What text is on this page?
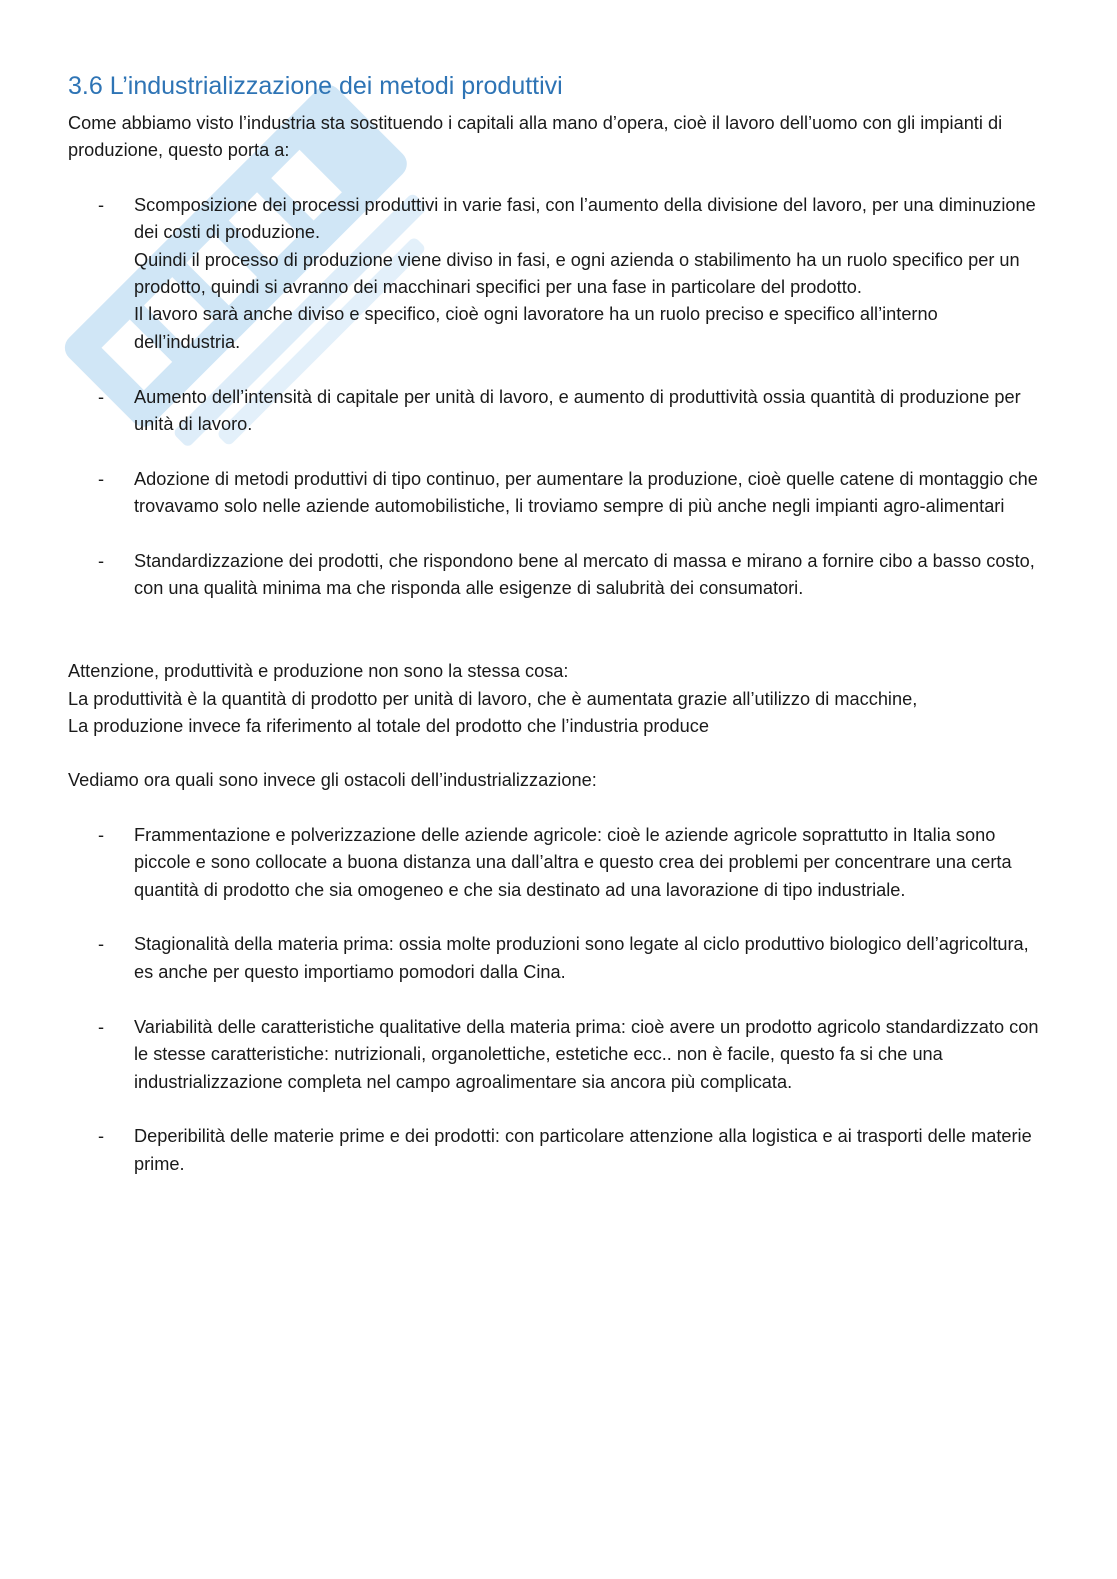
3.6 L’industrializzazione dei metodi produttivi

Come abbiamo visto l’industria sta sostituendo i capitali alla mano d’opera, cioè il lavoro dell’uomo con gli impianti di produzione, questo porta a:

- Scomposizione dei processi produttivi in varie fasi, con l’aumento della divisione del lavoro, per una diminuzione dei costi di produzione.

Quindi il processo di produzione viene diviso in fasi, e ogni azienda o stabilimento ha un ruolo specifico per un prodotto, quindi si avranno dei macchinari specifici per una fase in particolare del prodotto.

Il lavoro sarà anche diviso e specifico, cioè ogni lavoratore ha un ruolo preciso e specifico all’interno dell’industria.

- Aumento dell’intensità di capitale per unità di lavoro, e aumento di produttività ossia quantità di produzione per unità di lavoro.

- Adozione di metodi produttivi di tipo continuo, per aumentare la produzione, cioè quelle catene di montaggio che trovavamo solo nelle aziende automobilistiche, li troviamo sempre di più anche negli impianti agro-alimentari

- Standardizzazione dei prodotti, che rispondono bene al mercato di massa e mirano a fornire cibo a basso costo, con una qualità minima ma che risponda alle esigenze di salubrità dei consumatori.

Attenzione, produttività e produzione non sono la stessa cosa:

La produttività è la quantità di prodotto per unità di lavoro, che è aumentata grazie all’utilizzo di macchine,

La produzione invece fa riferimento al totale del prodotto che l’industria produce

Vediamo ora quali sono invece gli ostacoli dell’industrializzazione:

- Frammentazione e polverizzazione delle aziende agricole: cioè le aziende agricole soprattutto in Italia sono piccole e sono collocate a buona distanza una dall’altra e questo crea dei problemi per concentrare una certa quantità di prodotto che sia omogeneo e che sia destinato ad una lavorazione di tipo industriale.

- Stagionalità della materia prima: ossia molte produzioni sono legate al ciclo produttivo biologico dell’agricoltura, es anche per questo importiamo pomodori dalla Cina.

- Variabilità delle caratteristiche qualitative della materia prima: cioè avere un prodotto agricolo standardizzato con le stesse caratteristiche: nutrizionali, organolettiche, estetiche ecc.. non è facile, questo fa si che una industrializzazione completa nel campo agroalimentare sia ancora più complicata.

- Deperibilità delle materie prime e dei prodotti: con particolare attenzione alla logistica e ai trasporti delle materie prime.
